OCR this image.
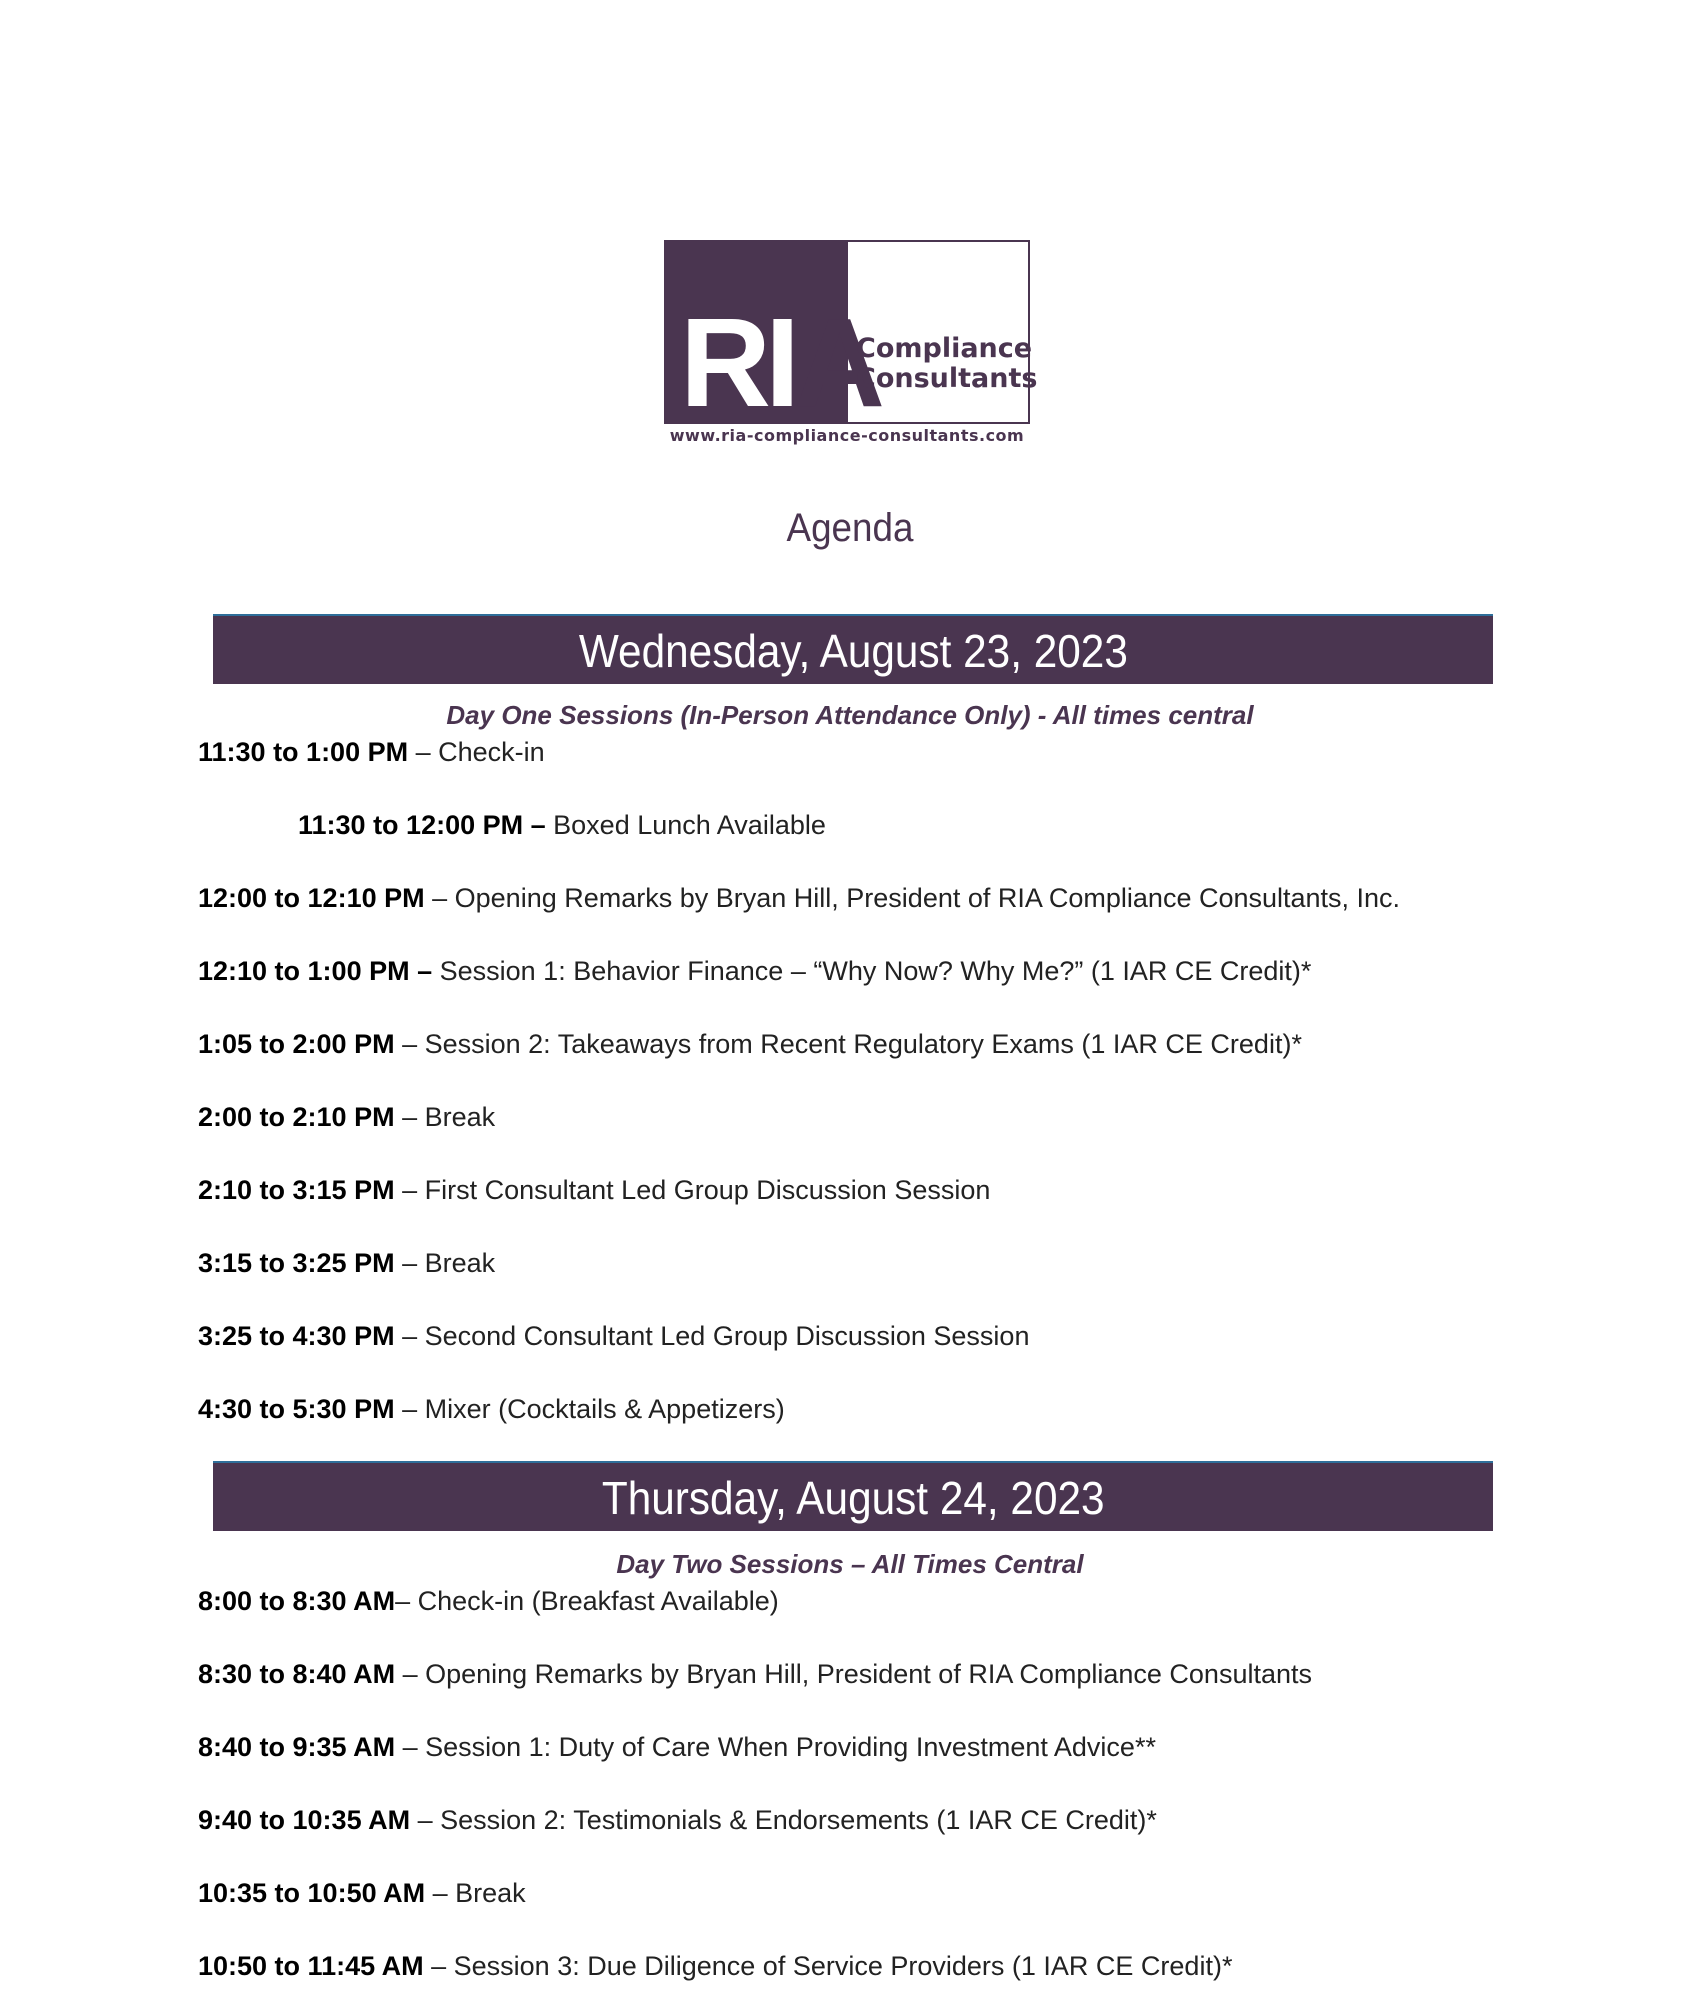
RIA
Compliance
Consultants
www.ria-compliance-consultants.com
Agenda
Wednesday, August 23, 2023
Day One Sessions (In-Person Attendance Only) - All times central
11:30 to 1:00 PM – Check-in
11:30 to 12:00 PM – Boxed Lunch Available
12:00 to 12:10 PM – Opening Remarks by Bryan Hill, President of RIA Compliance Consultants, Inc.
12:10 to 1:00 PM – Session 1: Behavior Finance – “Why Now? Why Me?” (1 IAR CE Credit)*
1:05 to 2:00 PM – Session 2: Takeaways from Recent Regulatory Exams (1 IAR CE Credit)*
2:00 to 2:10 PM – Break
2:10 to 3:15 PM – First Consultant Led Group Discussion Session
3:15 to 3:25 PM – Break
3:25 to 4:30 PM – Second Consultant Led Group Discussion Session
4:30 to 5:30 PM – Mixer (Cocktails & Appetizers)
Thursday, August 24, 2023
Day Two Sessions – All Times Central
8:00 to 8:30 AM– Check-in (Breakfast Available)
8:30 to 8:40 AM – Opening Remarks by Bryan Hill, President of RIA Compliance Consultants
8:40 to 9:35 AM – Session 1: Duty of Care When Providing Investment Advice**
9:40 to 10:35 AM – Session 2: Testimonials & Endorsements (1 IAR CE Credit)*
10:35 to 10:50 AM – Break
10:50 to 11:45 AM – Session 3: Due Diligence of Service Providers (1 IAR CE Credit)*
